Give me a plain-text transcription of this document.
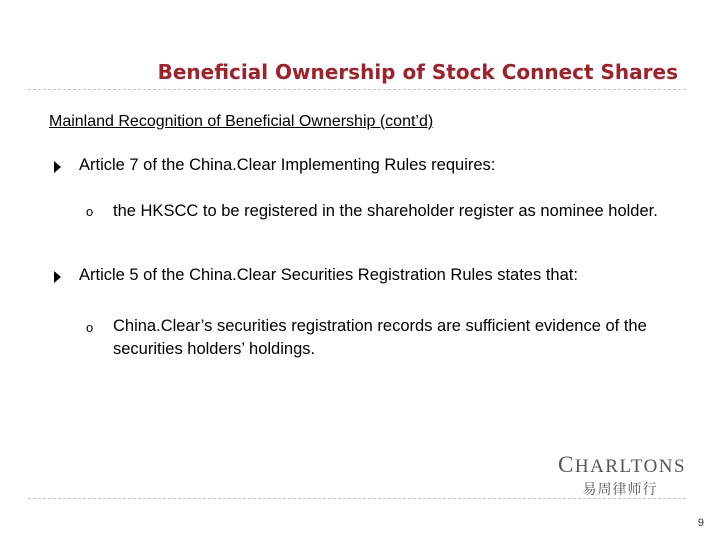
Beneficial Ownership of Stock Connect Shares
Mainland Recognition of Beneficial Ownership (cont’d)
Article 7 of the China.Clear Implementing Rules requires:
o the HKSCC to be registered in the shareholder register as nominee holder.
Article 5 of the China.Clear Securities Registration Rules states that:
o China.Clear’s securities registration records are sufficient evidence of the securities holders’ holdings.
CHARLTONS
易周律师行
9
